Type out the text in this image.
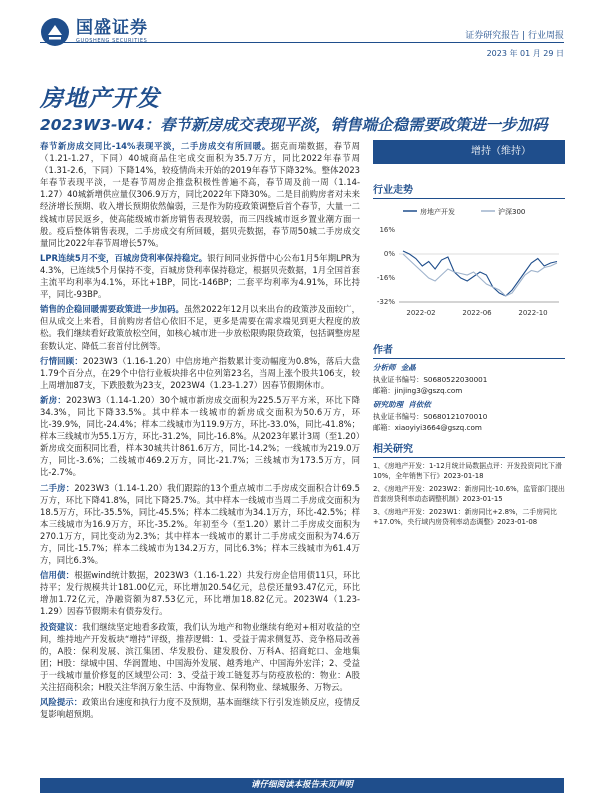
国盛证券
GUOSHENG SECURITIES	证券研究报告 | 行业周报
2023 年 01 月 29 日
房地产开发
2023W3-W4：春节新房成交表现平淡，销售端企稳需要政策进一步加码

春节新房成交同比-14%表现平淡，二手房成交有所回暖。据克而瑞数据，春节周（1.21-1.27，下同）40城商品住宅成交面积为35.7万方，同比2022年春节周（1.31-2.6，下同）下降14%，较疫情尚未开始的2019年春节下降32%。整体2023年春节表现平淡，一是春节周房企推盘积极性普遍不高，春节周及前一周（1.14-1.27）40城新增供应量仅306.9万方，同比2022年下降30%。二是目前购房者对未来经济增长预期、收入增长预期依然偏弱，三是作为防疫政策调整后首个春节，大量一二线城市居民返乡，使高能级城市新房销售表现较弱，而三四线城市返乡置业潮方面一般。疫后整体销售表现，二手房成交有所回暖，据贝壳数据，春节周50城二手房成交量同比2022年春节周增长57%。

LPR连续5月不变，百城房贷利率保持稳定。银行间同业拆借中心公布1月5年期LPR为4.3%，已连续5个月保持不变，百城房贷利率保持稳定，根据贝壳数据，1月全国首套主流平均利率为4.1%，环比+1BP，同比-146BP；二套平均利率为4.91%，环比持平，同比-93BP。

销售的企稳回暖需要政策进一步加码。虽然2022年12月以来出台的政策涉及面较广，但从成交上来看，目前购房者信心依旧不足，更多是需要在需求端见到更大程度的放松。我们继续看好政策放松空间，如核心城市进一步放松限购限贷政策，包括调整房屋套数认定、降低二套首付比例等。

行情回顾：2023W3（1.16-1.20）中信房地产指数累计变动幅度为0.8%，落后大盘1.79个百分点，在29个中信行业板块排名中位列第23名，当周上涨个股共106支，较上周增加87支，下跌股数为23支，2023W4（1.23-1.27）因春节假期休市。

新房：2023W3（1.14-1.20）30个城市新房成交面积为225.5万平方米，环比下降34.3%，同比下降33.5%。其中样本一线城市的新房成交面积为50.6万方，环比-39.9%，同比-24.4%；样本二线城市为119.9万方，环比-33.0%，同比-41.8%；样本三线城市为55.1万方，环比-31.2%，同比-16.8%。从2023年累计3周（至1.20）新房成交面积同比看，样本30城共计861.6万方，同比-14.2%；一线城市为219.0万方，同比-3.6%；二线城市469.2万方，同比-21.7%；三线城市为173.5万方，同比-2.7%。

二手房：2023W3（1.14-1.20）我们跟踪的13个重点城市二手房成交面积合计69.5万方，环比下降41.8%，同比下降25.7%。其中样本一线城市当周二手房成交面积为18.5万方，环比-35.5%，同比-45.5%；样本二线城市为34.1万方，环比-42.5%；样本三线城市为16.9万方，环比-35.2%。年初至今（至1.20）累计二手房成交面积为270.1万方，同比变动为2.3%；其中样本一线城市的累计二手房成交面积为74.6万方，同比-15.7%；样本二线城市为134.2万方，同比6.3%；样本三线城市为61.4万方，同比6.3%。

信用债：根据wind统计数据，2023W3（1.16-1.22）共发行房企信用债11只，环比持平；发行规模共计181.00亿元，环比增加20.54亿元，总偿还量93.47亿元，环比增加1.72亿元，净融资额为87.53亿元，环比增加18.82亿元。2023W4（1.23-1.29）因春节假期未有债券发行。

投资建议：我们继续坚定地看多政策，我们认为地产和物业继续有绝对+相对收益的空间，维持地产开发板块“增持”评级，推荐逻辑：1、受益于需求侧复苏、竞争格局改善的，A股：保利发展、滨江集团、华发股份、建发股份、万科A、招商蛇口、金地集团；H股：绿城中国、华润置地、中国海外发展、越秀地产、中国海外宏洋；2、受益于一线城市量价修复的区域型公司：3、受益于竣工链复苏与防疫放松的：物业：A股关注招商积余；H股关注华润万象生活、中海物业、保利物业、绿城服务、万物云。

风险提示：政策出台速度和执行力度不及预期，基本面继续下行引发连锁反应，疫情反复影响超预期。

增持（维持）
行业走势
房地产开发	沪深300
16%
0%
-16%
-32%
2022-02	2022-06	2022-10
作者
分析师 金晶
执业证书编号：S0680522030001
邮箱：jinjing3@gszq.com
研究助理 肖依依
执业证书编号：S0680121070010
邮箱：xiaoyiyi3664@gszq.com
相关研究
1、《房地产开发：1-12月统计局数据点评：开发投资同比下滑10%，全年销售下行》2023-01-18
2、《房地产开发：2023W2：新房同比-10.6%，监管部门提出首套房贷利率动态调整机制》2023-01-15
3、《房地产开发：2023W1：新房同比+2.8%，二手房同比+17.0%，央行域内房贷利率动态调整》2023-01-08
请仔细阅读本报告末页声明
